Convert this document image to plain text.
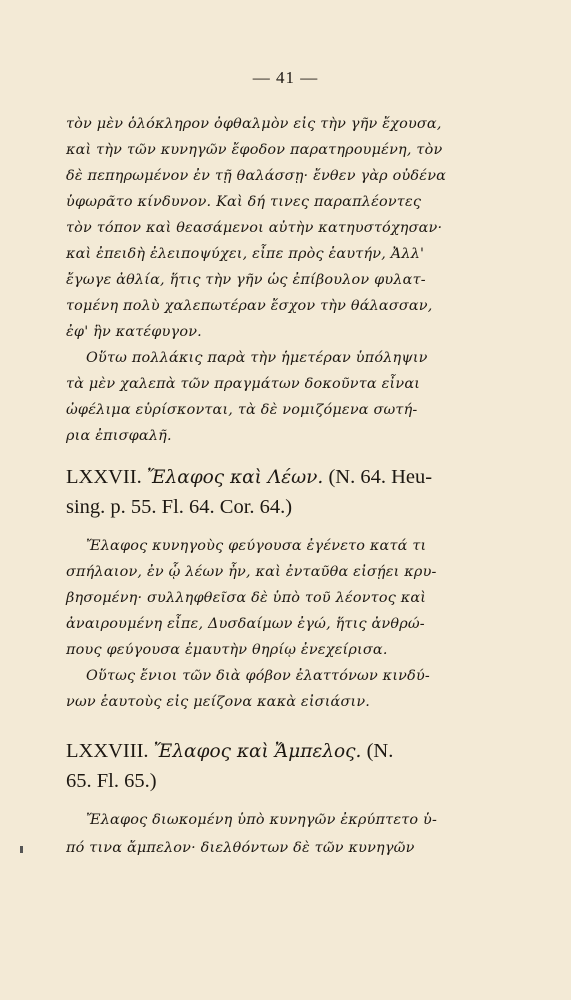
— 41 —
τὸν μὲν ὁλόκληρον ὀφθαλμὸν εἰς τὴν γῆν ἔχουσα,
καὶ τὴν τῶν κυνηγῶν ἔφοδον παρατηρουμένη, τὸν
δὲ πεπηρωμένον ἐν τῇ θαλάσσῃ· ἔνθεν γὰρ οὐδένα
ὑφωρᾶτο κίνδυνον. Καὶ δή τινες παραπλέοντες
τὸν τόπον καὶ θεασάμενοι αὐτὴν κατηυστόχησαν·
καὶ ἐπειδὴ ἐλειποψύχει, εἶπε πρὸς ἑαυτήν, Ἀλλ'
ἔγωγε ἀθλία, ἥτις τὴν γῆν ὡς ἐπίβουλον φυλατ-
τομένη πολὺ χαλεπωτέραν ἔσχον τὴν θάλασσαν,
ἐφ' ἣν κατέφυγον.
Οὕτω πολλάκις παρὰ τὴν ἡμετέραν ὑπόληψιν
τὰ μὲν χαλεπὰ τῶν πραγμάτων δοκοῦντα εἶναι
ὠφέλιμα εὑρίσκονται, τὰ δὲ νομιζόμενα σωτή-
ρια ἐπισφαλῆ.
LXXVII. Ἔλαφος καὶ Λέων. (N. 64. Heu-
sing. p. 55. Fl. 64. Cor. 64.)
Ἔλαφος κυνηγοὺς φεύγουσα ἐγένετο κατά τι
σπήλαιον, ἐν ᾧ λέων ἦν, καὶ ἐνταῦθα εἰσῄει κρυ-
βησομένη· συλληφθεῖσα δὲ ὑπὸ τοῦ λέοντος καὶ
ἀναιρουμένη εἶπε, Δυσδαίμων ἐγώ, ἥτις ἀνθρώ-
πους φεύγουσα ἐμαυτὴν θηρίῳ ἐνεχείρισα.
Οὕτως ἔνιοι τῶν διὰ φόβον ἐλαττόνων κινδύ-
νων ἑαυτοὺς εἰς μείζονα κακὰ εἰσιάσιν.
LXXVIII. Ἔλαφος καὶ Ἄμπελος. (N.
65. Fl. 65.)
Ἔλαφος διωκομένη ὑπὸ κυνηγῶν ἐκρύπτετο ὑ-
πό τινα ἄμπελον· διελθόντων δὲ τῶν κυνηγῶν
